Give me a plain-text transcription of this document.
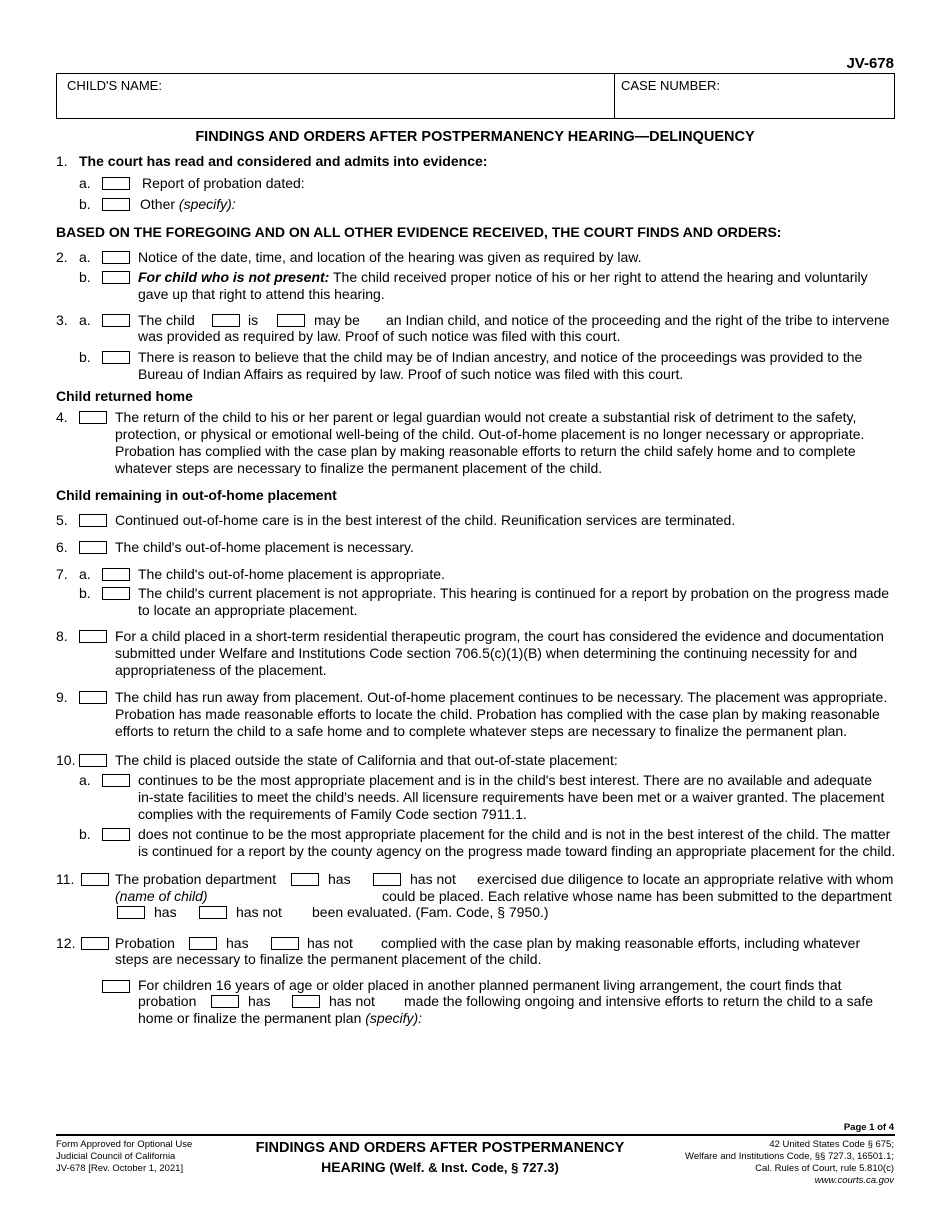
JV-678
CHILD'S NAME:	CASE NUMBER:
FINDINGS AND ORDERS AFTER POSTPERMANENCY HEARING—DELINQUENCY
1. The court has read and considered and admits into evidence:
a.	Report of probation dated:
b.	Other (specify):
BASED ON THE FOREGOING AND ON ALL OTHER EVIDENCE RECEIVED, THE COURT FINDS AND ORDERS:
2. a.	Notice of the date, time, and location of the hearing was given as required by law.
b.	For child who is not present: The child received proper notice of his or her right to attend the hearing and voluntarily
gave up that right to attend this hearing.
3. a.	The child	is	may be an Indian child, and notice of the proceeding and the right of the tribe to intervene
was provided as required by law. Proof of such notice was filed with this court.
b.	There is reason to believe that the child may be of Indian ancestry, and notice of the proceedings was provided to the
Bureau of Indian Affairs as required by law. Proof of such notice was filed with this court.
Child returned home
4.	The return of the child to his or her parent or legal guardian would not create a substantial risk of detriment to the safety,
protection, or physical or emotional well-being of the child. Out-of-home placement is no longer necessary or appropriate.
Probation has complied with the case plan by making reasonable efforts to return the child safely home and to complete
whatever steps are necessary to finalize the permanent placement of the child.
Child remaining in out-of-home placement
5.	Continued out-of-home care is in the best interest of the child. Reunification services are terminated.
6.	The child's out-of-home placement is necessary.
7. a.	The child's out-of-home placement is appropriate.
b.	The child's current placement is not appropriate. This hearing is continued for a report by probation on the progress made
to locate an appropriate placement.
8.	For a child placed in a short-term residential therapeutic program, the court has considered the evidence and documentation
submitted under Welfare and Institutions Code section 706.5(c)(1)(B) when determining the continuing necessity for and
appropriateness of the placement.
9.	The child has run away from placement. Out-of-home placement continues to be necessary. The placement was appropriate.
Probation has made reasonable efforts to locate the child. Probation has complied with the case plan by making reasonable
efforts to return the child to a safe home and to complete whatever steps are necessary to finalize the permanent plan.
10.	The child is placed outside the state of California and that out-of-state placement:
a.	continues to be the most appropriate placement and is in the child's best interest. There are no available and adequate
in-state facilities to meet the child's needs. All licensure requirements have been met or a waiver granted. The placement
complies with the requirements of Family Code section 7911.1.
b.	does not continue to be the most appropriate placement for the child and is not in the best interest of the child. The matter
is continued for a report by the county agency on the progress made toward finding an appropriate placement for the child.
11.	The probation department	has	has not exercised due diligence to locate an appropriate relative with whom
(name of child)	could be placed. Each relative whose name has been submitted to the department
has	has not been evaluated. (Fam. Code, § 7950.)
12.	Probation	has	has not complied with the case plan by making reasonable efforts, including whatever
steps are necessary to finalize the permanent placement of the child.
For children 16 years of age or older placed in another planned permanent living arrangement, the court finds that
probation	has	has not made the following ongoing and intensive efforts to return the child to a safe
home or finalize the permanent plan (specify):
Page 1 of 4
Form Approved for Optional Use
Judicial Council of California
JV-678 [Rev. October 1, 2021]
FINDINGS AND ORDERS AFTER POSTPERMANENCY
HEARING (Welf. & Inst. Code, § 727.3)
42 United States Code § 675;
Welfare and Institutions Code, §§ 727.3, 16501.1;
Cal. Rules of Court, rule 5.810(c)
www.courts.ca.gov
